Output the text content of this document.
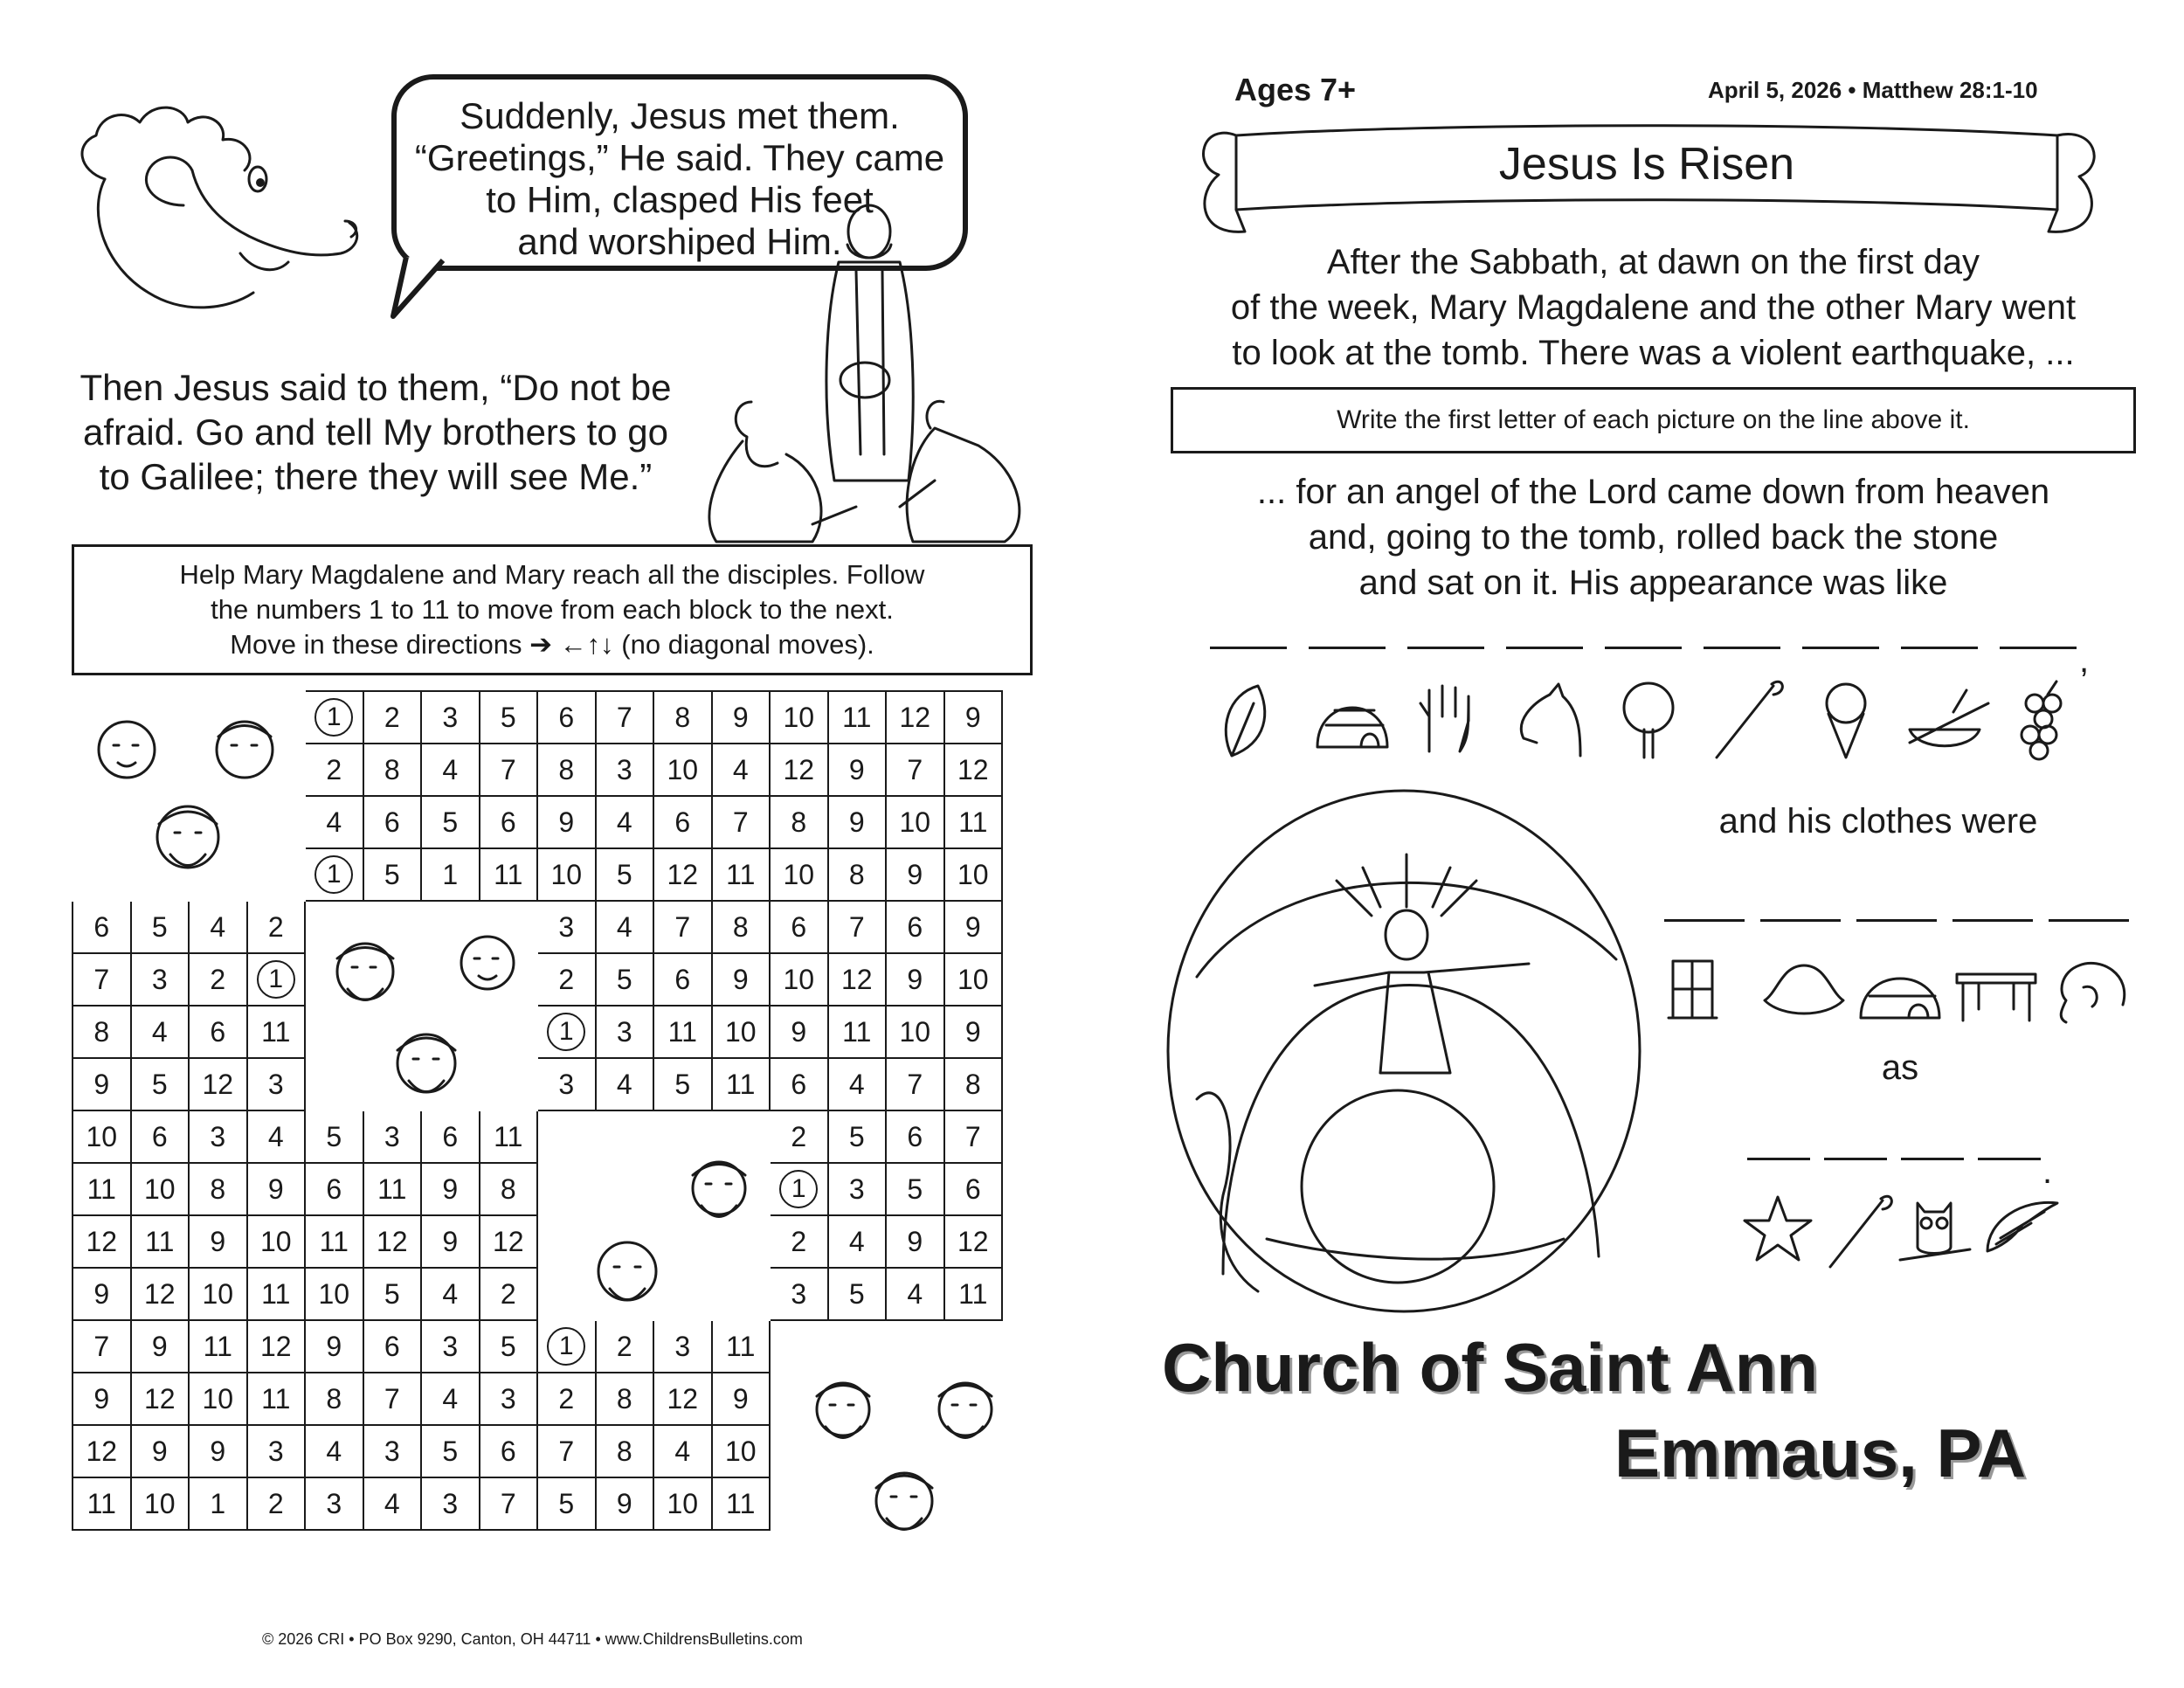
Suddenly, Jesus met them.
“Greetings,” He said. They came
to Him, clasped His feet
and worshiped Him.
Then Jesus said to them, “Do not be
afraid. Go and tell My brothers to go
to Galilee; there they will see Me.”
Help Mary Magdalene and Mary reach all the disciples. Follow
the numbers 1 to 11 to move from each block to the next.
Move in these directions ➔ ←↑↓ (no diagonal moves).
				1	2	3	5	6	7	8	9	10	11	12	9
				2	8	4	7	8	3	10	4	12	9	7	12
				4	6	5	6	9	4	6	7	8	9	10	11
				1	5	1	11	10	5	12	11	10	8	9	10
6	5	4	2					3	4	7	8	6	7	6	9
7	3	2	1					2	5	6	9	10	12	9	10
8	4	6	11					1	3	11	10	9	11	10	9
9	5	12	3					3	4	5	11	6	4	7	8
10	6	3	4	5	3	6	11					2	5	6	7
11	10	8	9	6	11	9	8					1	3	5	6
12	11	9	10	11	12	9	12					2	4	9	12
9	12	10	11	10	5	4	2					3	5	4	11
7	9	11	12	9	6	3	5	1	2	3	11				
9	12	10	11	8	7	4	3	2	8	12	9				
12	9	9	3	4	3	5	6	7	8	4	10				
11	10	1	2	3	4	3	7	5	9	10	11				
© 2026 CRI • PO Box 9290, Canton, OH 44711 • www.ChildrensBulletins.com
Ages 7+	April 5, 2026 • Matthew 28:1-10
Jesus Is Risen
After the Sabbath, at dawn on the first day
of the week, Mary Magdalene and the other Mary went
to look at the tomb. There was a violent earthquake, ...
Write the first letter of each picture on the line above it.
... for an angel of the Lord came down from heaven
and, going to the tomb, rolled back the stone
and sat on it. His appearance was like
,
and his clothes were
as
.
Church of Saint Ann
Emmaus, PA
